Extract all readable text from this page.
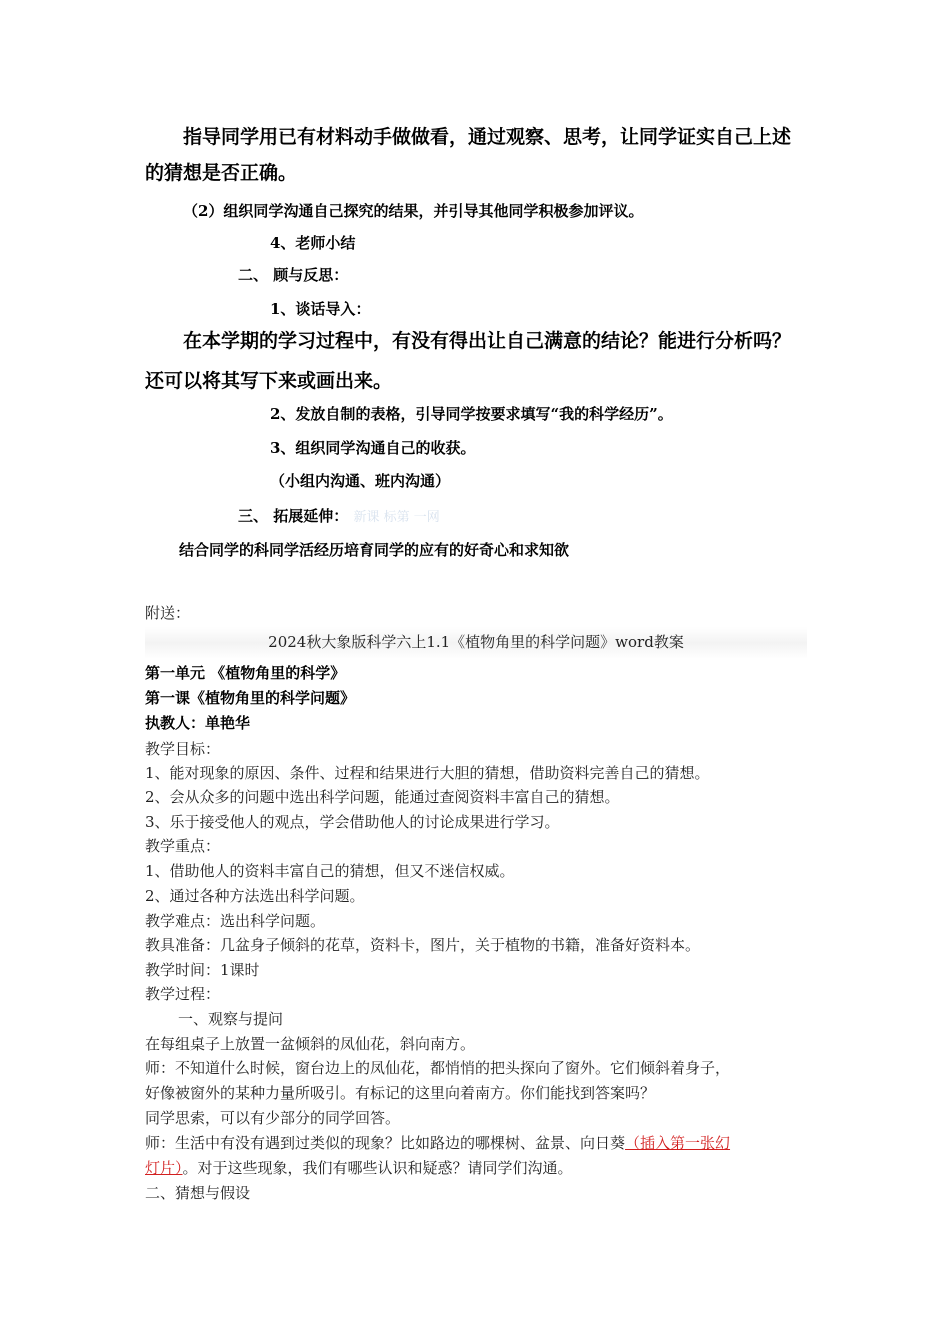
指导同学用已有材料动手做做看，通过观察、思考，让同学证实自己上述
的猜想是否正确。
（2）组织同学沟通自己探究的结果，并引导其他同学积极参加评议。
4、老师小结
二、 顾与反思：
1、谈话导入：
在本学期的学习过程中，有没有得出让自己满意的结论？能进行分析吗？
还可以将其写下来或画出来。
2、发放自制的表格，引导同学按要求填写“我的科学经历”。
3、组织同学沟通自己的收获。
（小组内沟通、班内沟通）
三、 拓展延伸： 新课 标第 一网
结合同学的科同学活经历培育同学的应有的好奇心和求知欲
附送：
2024秋大象版科学六上1.1《植物角里的科学问题》word教案
第一单元 《植物角里的科学》
第一课《植物角里的科学问题》
执教人：单艳华
教学目标：
1、能对现象的原因、条件、过程和结果进行大胆的猜想，借助资料完善自己的猜想。
2、会从众多的问题中选出科学问题，能通过查阅资料丰富自己的猜想。
3、乐于接受他人的观点，学会借助他人的讨论成果进行学习。
教学重点：
1、借助他人的资料丰富自己的猜想，但又不迷信权威。
2、通过各种方法选出科学问题。
教学难点：选出科学问题。
教具准备：几盆身子倾斜的花草，资料卡，图片，关于植物的书籍，准备好资料本。
教学时间：1课时
教学过程：
一、观察与提问
在每组桌子上放置一盆倾斜的凤仙花，斜向南方。
师：不知道什么时候，窗台边上的凤仙花，都悄悄的把头探向了窗外。它们倾斜着身子，
好像被窗外的某种力量所吸引。有标记的这里向着南方。你们能找到答案吗？
同学思索，可以有少部分的同学回答。
师：生活中有没有遇到过类似的现象？比如路边的哪棵树、盆景、向日葵（插入第一张幻
灯片）。对于这些现象，我们有哪些认识和疑惑？请同学们沟通。
二、猜想与假设
